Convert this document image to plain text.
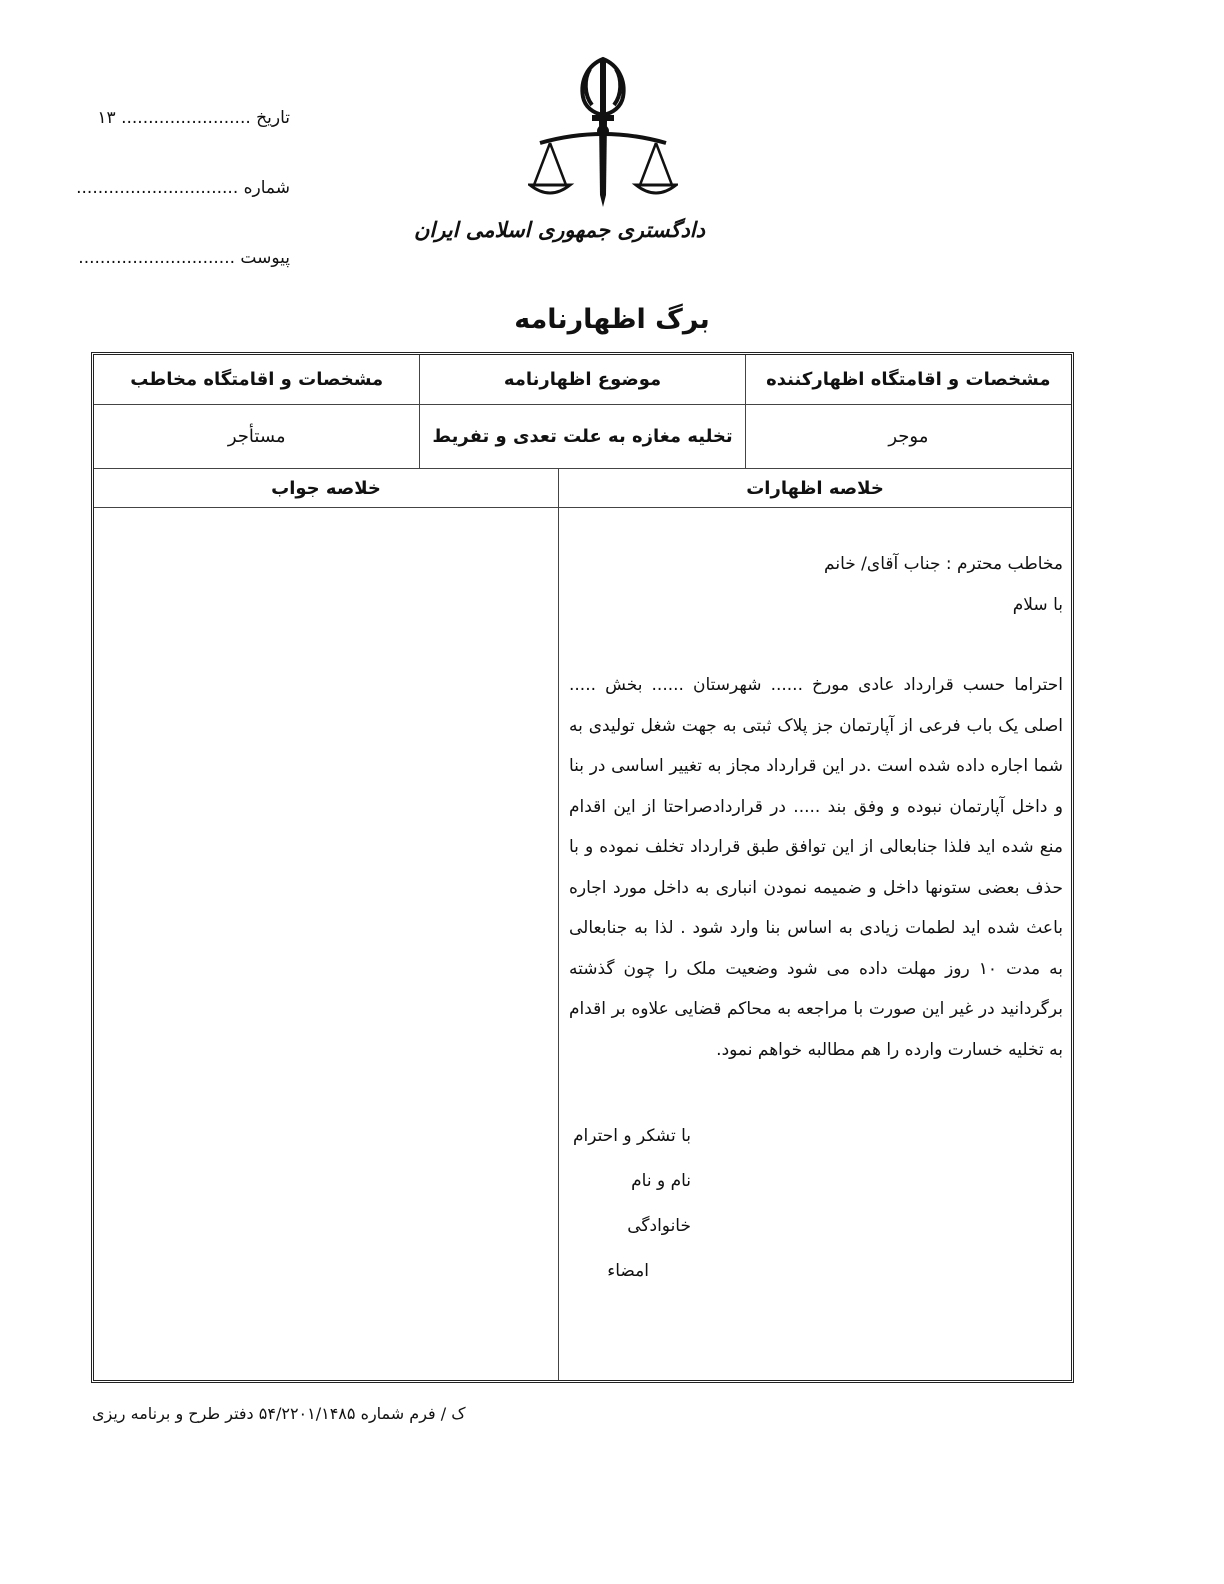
تاریخ ........................ ۱۳
شماره ..............................
پیوست .............................
دادگستری جمهوری اسلامی ایران
برگ اظهارنامه
مشخصات و اقامتگاه اظهارکننده
موضوع اظهارنامه
مشخصات و اقامتگاه مخاطب
موجر
تخلیه مغازه به علت تعدی و تفریط
مستأجر
خلاصه اظهارات
خلاصه جواب

مخاطب محترم : جناب آقای/ خانم

با سلام

احتراما حسب قرارداد عادی مورخ ...... شهرستان ...... بخش ..... اصلی یک باب فرعی از آپارتمان جز پلاک ثبتی به جهت شغل تولیدی به شما اجاره داده شده است .در این قرارداد مجاز به تغییر اساسی در بنا و داخل آپارتمان نبوده و وفق بند ..... در قراردادصراحتا از این اقدام منع شده اید فلذا جنابعالی از این توافق طبق قرارداد تخلف نموده و با حذف بعضی ستونها داخل و ضمیمه نمودن انباری به داخل مورد اجاره باعث شده اید لطمات زیادی به اساس بنا وارد شود . لذا به جنابعالی به مدت ۱۰ روز مهلت داده می شود وضعیت ملک را چون گذشته برگردانید در غیر این صورت با مراجعه به محاکم قضایی علاوه بر اقدام به تخلیه خسارت وارده را هم مطالبه خواهم نمود.

با تشکر و احترام

نام و نام خانوادگی

امضاء

ک / فرم شماره ۵۴/۲۲۰۱/۱۴۸۵ دفتر طرح و برنامه ریزی
